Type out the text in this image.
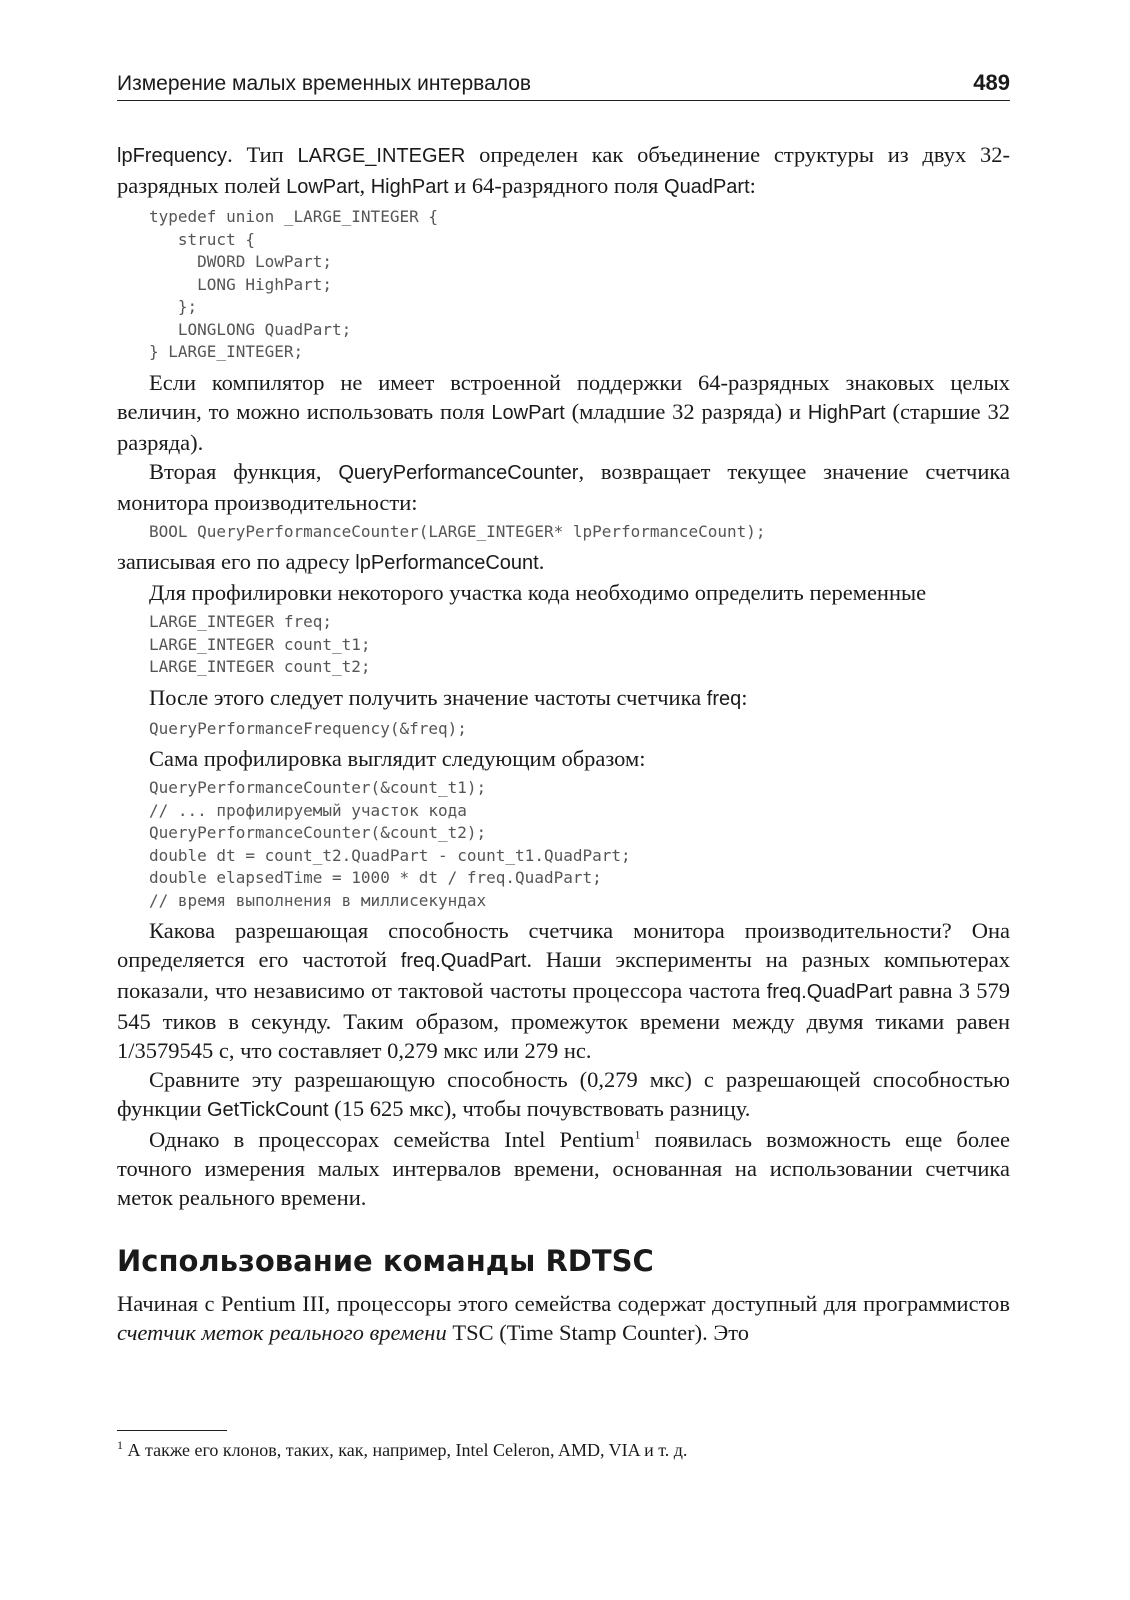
Измерение малых временных интервалов	489

lpFrequency. Тип LARGE_INTEGER определен как объединение структуры из двух 32-разрядных полей LowPart, HighPart и 64-разрядного поля QuadPart:

typedef union _LARGE_INTEGER {
struct {
DWORD LowPart;
LONG HighPart;
};
LONGLONG QuadPart;
} LARGE_INTEGER;

Если компилятор не имеет встроенной поддержки 64-разрядных знаковых целых величин, то можно использовать поля LowPart (младшие 32 разряда) и HighPart (старшие 32 разряда).

Вторая функция, QueryPerformanceCounter, возвращает текущее значение счетчика монитора производительности:

BOOL QueryPerformanceCounter(LARGE_INTEGER* lpPerformanceCount);

записывая его по адресу lpPerformanceCount.

Для профилировки некоторого участка кода необходимо определить переменные

LARGE_INTEGER freq;
LARGE_INTEGER count_t1;
LARGE_INTEGER count_t2;

После этого следует получить значение частоты счетчика freq:

QueryPerformanceFrequency(&freq);

Сама профилировка выглядит следующим образом:

QueryPerformanceCounter(&count_t1);
// ... профилируемый участок кода
QueryPerformanceCounter(&count_t2);
double dt = count_t2.QuadPart - count_t1.QuadPart;
double elapsedTime = 1000 * dt / freq.QuadPart;
// время выполнения в миллисекундах

Какова разрешающая способность счетчика монитора производительности? Она определяется его частотой freq.QuadPart. Наши эксперименты на разных компьютерах показали, что независимо от тактовой частоты процессора частота freq.QuadPart равна 3 579 545 тиков в секунду. Таким образом, промежуток времени между двумя тиками равен 1/3579545 с, что составляет 0,279 мкс или 279 нс.

Сравните эту разрешающую способность (0,279 мкс) с разрешающей способностью функции GetTickCount (15 625 мкс), чтобы почувствовать разницу.

Однако в процессорах семейства Intel Pentium$^1$ появилась возможность еще более точного измерения малых интервалов времени, основанная на использовании счетчика меток реального времени.

Использование команды RDTSC

Начиная с Pentium III, процессоры этого семейства содержат доступный для программистов счетчик меток реального времени TSC (Time Stamp Counter). Это

$^1$ А также его клонов, таких, как, например, Intel Celeron, AMD, VIA и т. д.
